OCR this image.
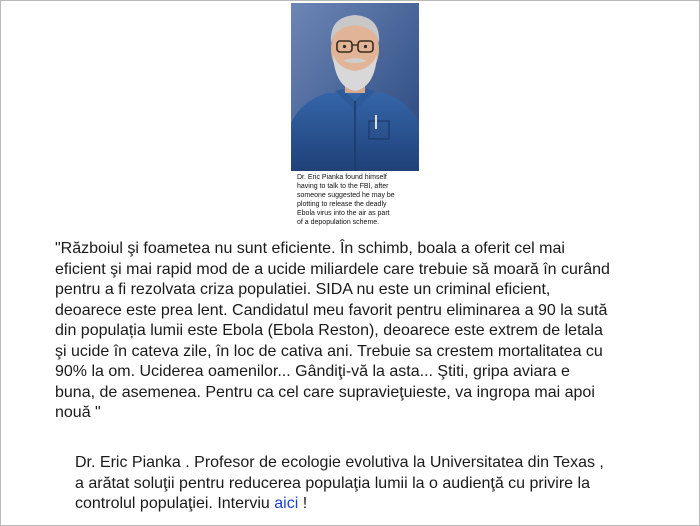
Dr. Eric Pianka found himself
having to talk to the FBI, after
someone suggested he may be
plotting to release the deadly
Ebola virus into the air as part
of a depopulation scheme.
"Războiul şi foametea nu sunt eficiente. În schimb, boala a oferit cel mai
eficient şi mai rapid mod de a ucide miliardele care trebuie să moară în curând
pentru a fi rezolvata criza populatiei. SIDA nu este un criminal eficient,
deoarece este prea lent. Candidatul meu favorit pentru eliminarea a 90 la sută
din populația lumii este Ebola (Ebola Reston), deoarece este extrem de letala
şi ucide în cateva zile, în loc de cativa ani. Trebuie sa crestem mortalitatea cu
90% la om. Uciderea oamenilor... Gândiţi-vă la asta... Ştiti, gripa aviara e
buna, de asemenea. Pentru ca cel care supravieţuieste, va ingropa mai apoi
nouă "
Dr. Eric Pianka . Profesor de ecologie evolutiva la Universitatea din Texas ,
a arătat soluţii pentru reducerea populaţia lumii la o audienţă cu privire la
controlul populaţiei. Interviu aici !
